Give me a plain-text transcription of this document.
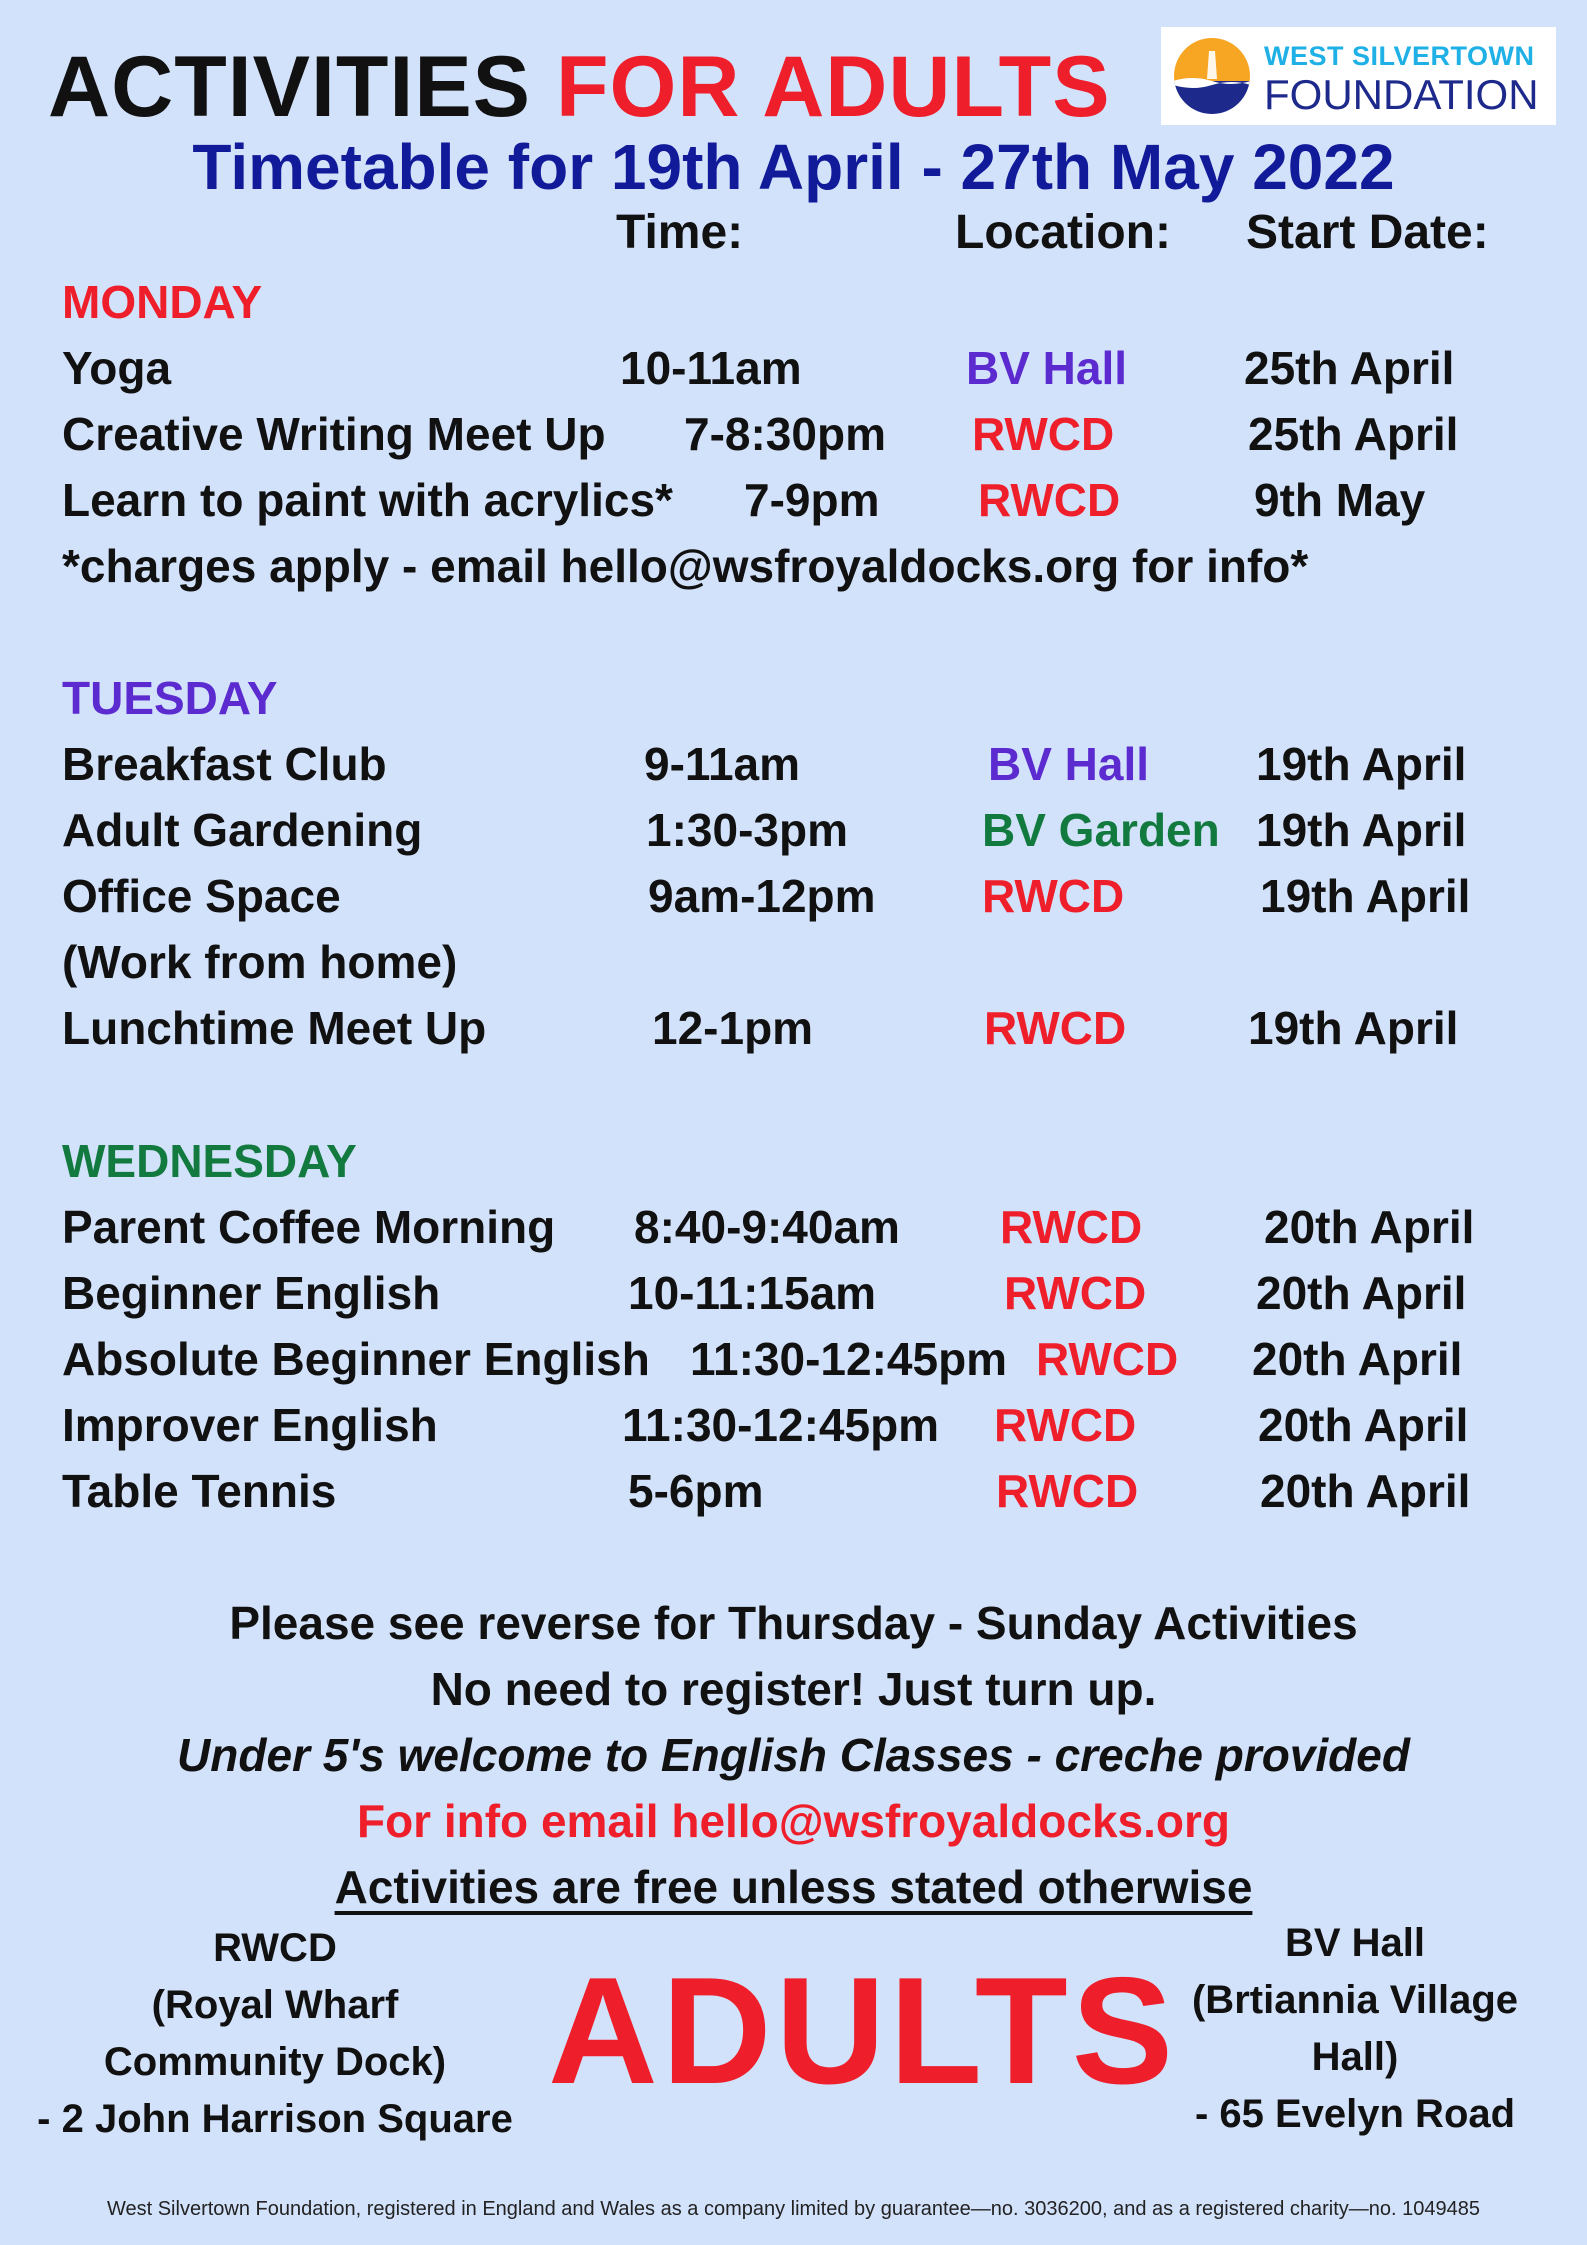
ACTIVITIES FOR ADULTS	WEST SILVERTOWN
FOUNDATION
Timetable for 19th April - 27th May 2022
Time:	Location: Start Date:
MONDAY
Yoga	10-11am	BV Hall	25th April
Creative Writing Meet Up 7-8:30pm RWCD	25th April
Learn to paint with acrylics* 7-9pm RWCD	9th May
*charges apply - email hello@wsfroyaldocks.org for info*
TUESDAY
Breakfast Club	9-11am	BV Hall 19th April
Adult Gardening	1:30-3pm	BV Garden 19th April
Office Space	9am-12pm RWCD	19th April
(Work from home)
Lunchtime Meet Up	12-1pm	RWCD	19th April
WEDNESDAY
Parent Coffee Morning 8:40-9:40am RWCD	20th April
Beginner English	10-11:15am	RWCD 20th April
Absolute Beginner English 11:30-12:45pm RWCD 20th April
Improver English	11:30-12:45pm RWCD	20th April
Table Tennis	5-6pm	RWCD	20th April
Please see reverse for Thursday - Sunday Activities
No need to register! Just turn up.
Under 5's welcome to English Classes - creche provided
For info email hello@wsfroyaldocks.org
Activities are free unless stated otherwise
RWCD
(Royal Wharf
Community Dock)
- 2 John Harrison Square
ADULTS
BV Hall
(Brtiannia Village
Hall)
- 65 Evelyn Road
West Silvertown Foundation, registered in England and Wales as a company limited by guarantee—no. 3036200, and as a registered charity—no. 1049485
